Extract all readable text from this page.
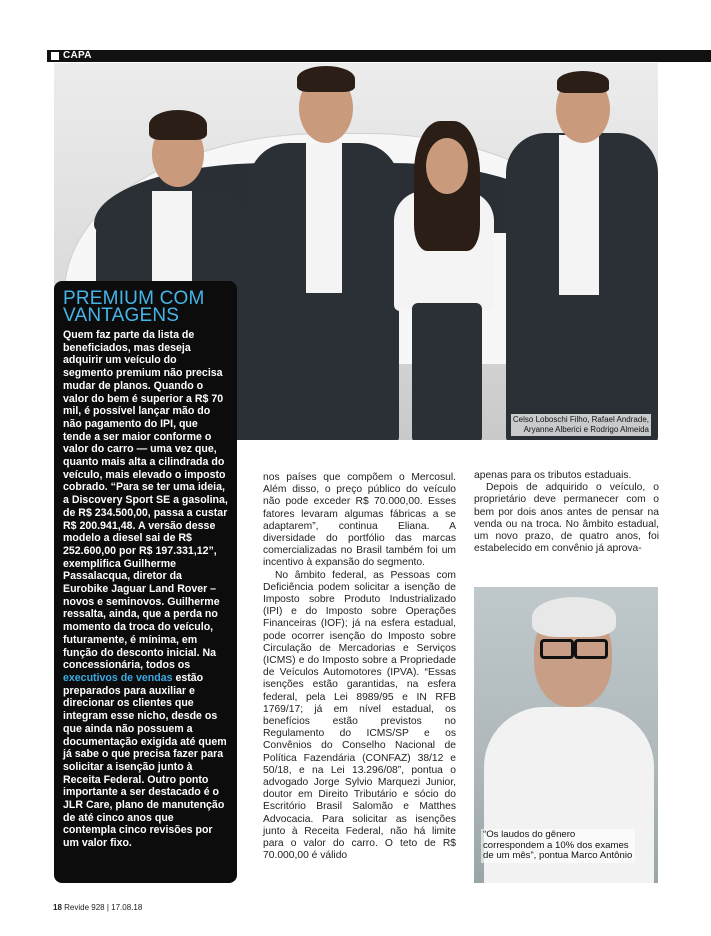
CAPA
Celso Loboschi Filho, Rafael Andrade,
Aryanne Alberici e Rodrigo Almeida
PREMIUM COM
VANTAGENS
Quem faz parte da lista de beneficiados, mas deseja adquirir um veículo do segmento premium não precisa mudar de planos. Quando o valor do bem é superior a R$ 70 mil, é possível lançar mão do não pagamento do IPI, que tende a ser maior conforme o valor do carro — uma vez que, quanto mais alta a cilindrada do veículo, mais elevado o imposto cobrado. “Para se ter uma ideia, a Discovery Sport SE a gasolina, de R$ 234.500,00, passa a custar R$ 200.941,48. A versão desse modelo a diesel sai de R$ 252.600,00 por R$ 197.331,12”, exemplifica Guilherme Passalacqua, diretor da Eurobike Jaguar Land Rover – novos e seminovos. Guilherme ressalta, ainda, que a perda no momento da troca do veículo, futuramente, é mínima, em função do desconto inicial. Na concessionária, todos os executivos de vendas estão preparados para auxiliar e direcionar os clientes que integram esse nicho, desde os que ainda não possuem a documentação exigida até quem já sabe o que precisa fazer para solicitar a isenção junto à Receita Federal. Outro ponto importante a ser destacado é o JLR Care, plano de manutenção de até cinco anos que contempla cinco revisões por um valor fixo.

nos países que compõem o Mercosul. Além disso, o preço público do veículo não pode exceder R$ 70.000,00. Esses fatores levaram algumas fábricas a se adaptarem”, continua Eliana. A diversidade do portfólio das marcas comercializadas no Brasil também foi um incentivo à expansão do segmento.

No âmbito federal, as Pessoas com Deficiência podem solicitar a isenção de Imposto sobre Produto Industrializado (IPI) e do Imposto sobre Operações Financeiras (IOF); já na esfera estadual, pode ocorrer isenção do Imposto sobre Circulação de Mercadorias e Serviços (ICMS) e do Imposto sobre a Propriedade de Veículos Automotores (IPVA). “Essas isenções estão garantidas, na esfera federal, pela Lei 8989/95 e IN RFB 1769/17; já em nível estadual, os benefícios estão previstos no Regulamento do ICMS/SP e os Convênios do Conselho Nacional de Política Fazendária (CONFAZ) 38/12 e 50/18, e na Lei 13.296/08”, pontua o advogado Jorge Sylvio Marquezi Junior, doutor em Direito Tributário e sócio do Escritório Brasil Salomão e Matthes Advocacia. Para solicitar as isenções junto à Receita Federal, não há limite para o valor do carro. O teto de R$ 70.000,00 é válido

apenas para os tributos estaduais.

Depois de adquirido o veículo, o proprietário deve permanecer com o bem por dois anos antes de pensar na venda ou na troca. No âmbito estadual, um novo prazo, de quatro anos, foi estabelecido em convênio já aprova-

“Os laudos do gênero correspondem a 10% dos exames de um mês”, pontua Marco Antônio
18 Revide 928 | 17.08.18
